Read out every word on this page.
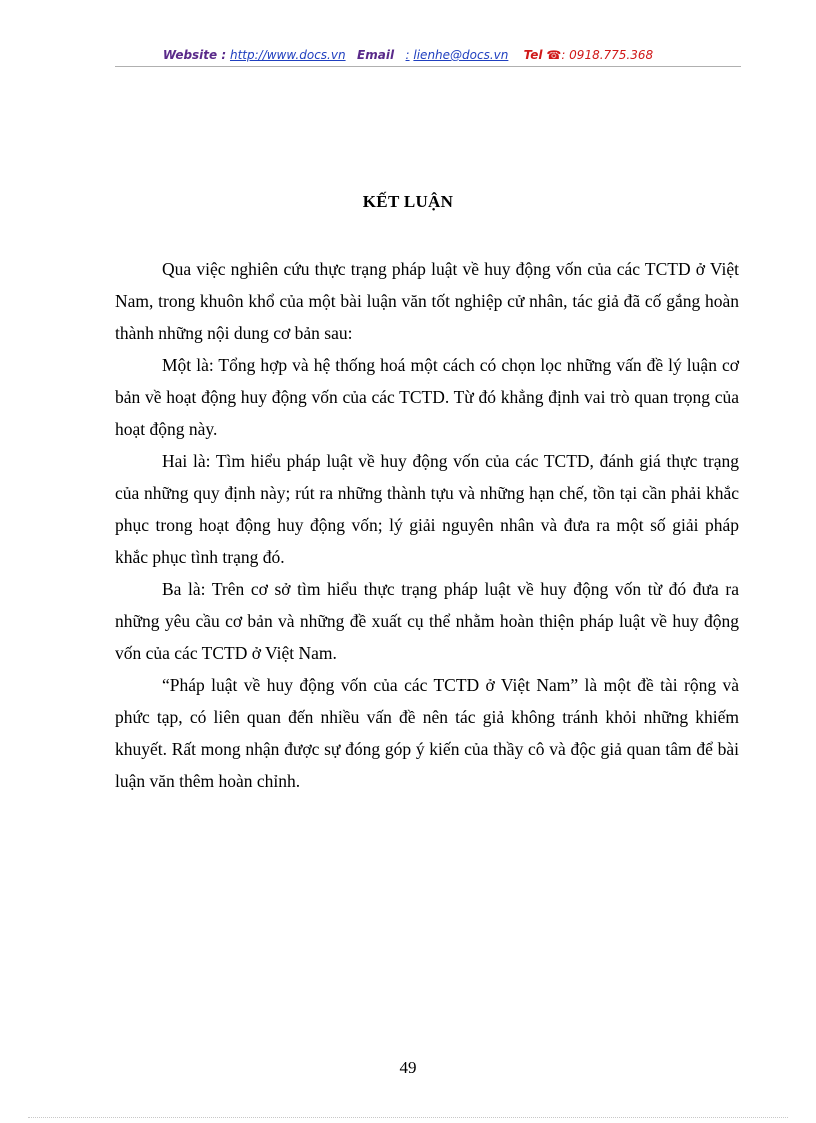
Website : http://www.docs.vn Email : lienhe@docs.vn Tel ☎: 0918.775.368
KẾT LUẬN

Qua việc nghiên cứu thực trạng pháp luật về huy động vốn của các TCTD ở Việt Nam, trong khuôn khổ của một bài luận văn tốt nghiệp cử nhân, tác giả đã cố gắng hoàn thành những nội dung cơ bản sau:

Một là: Tổng hợp và hệ thống hoá một cách có chọn lọc những vấn đề lý luận cơ bản về hoạt động huy động vốn của các TCTD. Từ đó khẳng định vai trò quan trọng của hoạt động này.

Hai là: Tìm hiểu pháp luật về huy động vốn của các TCTD, đánh giá thực trạng của những quy định này; rút ra những thành tựu và những hạn chế, tồn tại cần phải khắc phục trong hoạt động huy động vốn; lý giải nguyên nhân và đưa ra một số giải pháp khắc phục tình trạng đó.

Ba là: Trên cơ sở tìm hiểu thực trạng pháp luật về huy động vốn từ đó đưa ra những yêu cầu cơ bản và những đề xuất cụ thể nhằm hoàn thiện pháp luật về huy động vốn của các TCTD ở Việt Nam.

“Pháp luật về huy động vốn của các TCTD ở Việt Nam” là một đề tài rộng và phức tạp, có liên quan đến nhiều vấn đề nên tác giả không tránh khỏi những khiếm khuyết. Rất mong nhận được sự đóng góp ý kiến của thầy cô và độc giả quan tâm để bài luận văn thêm hoàn chỉnh.

49
